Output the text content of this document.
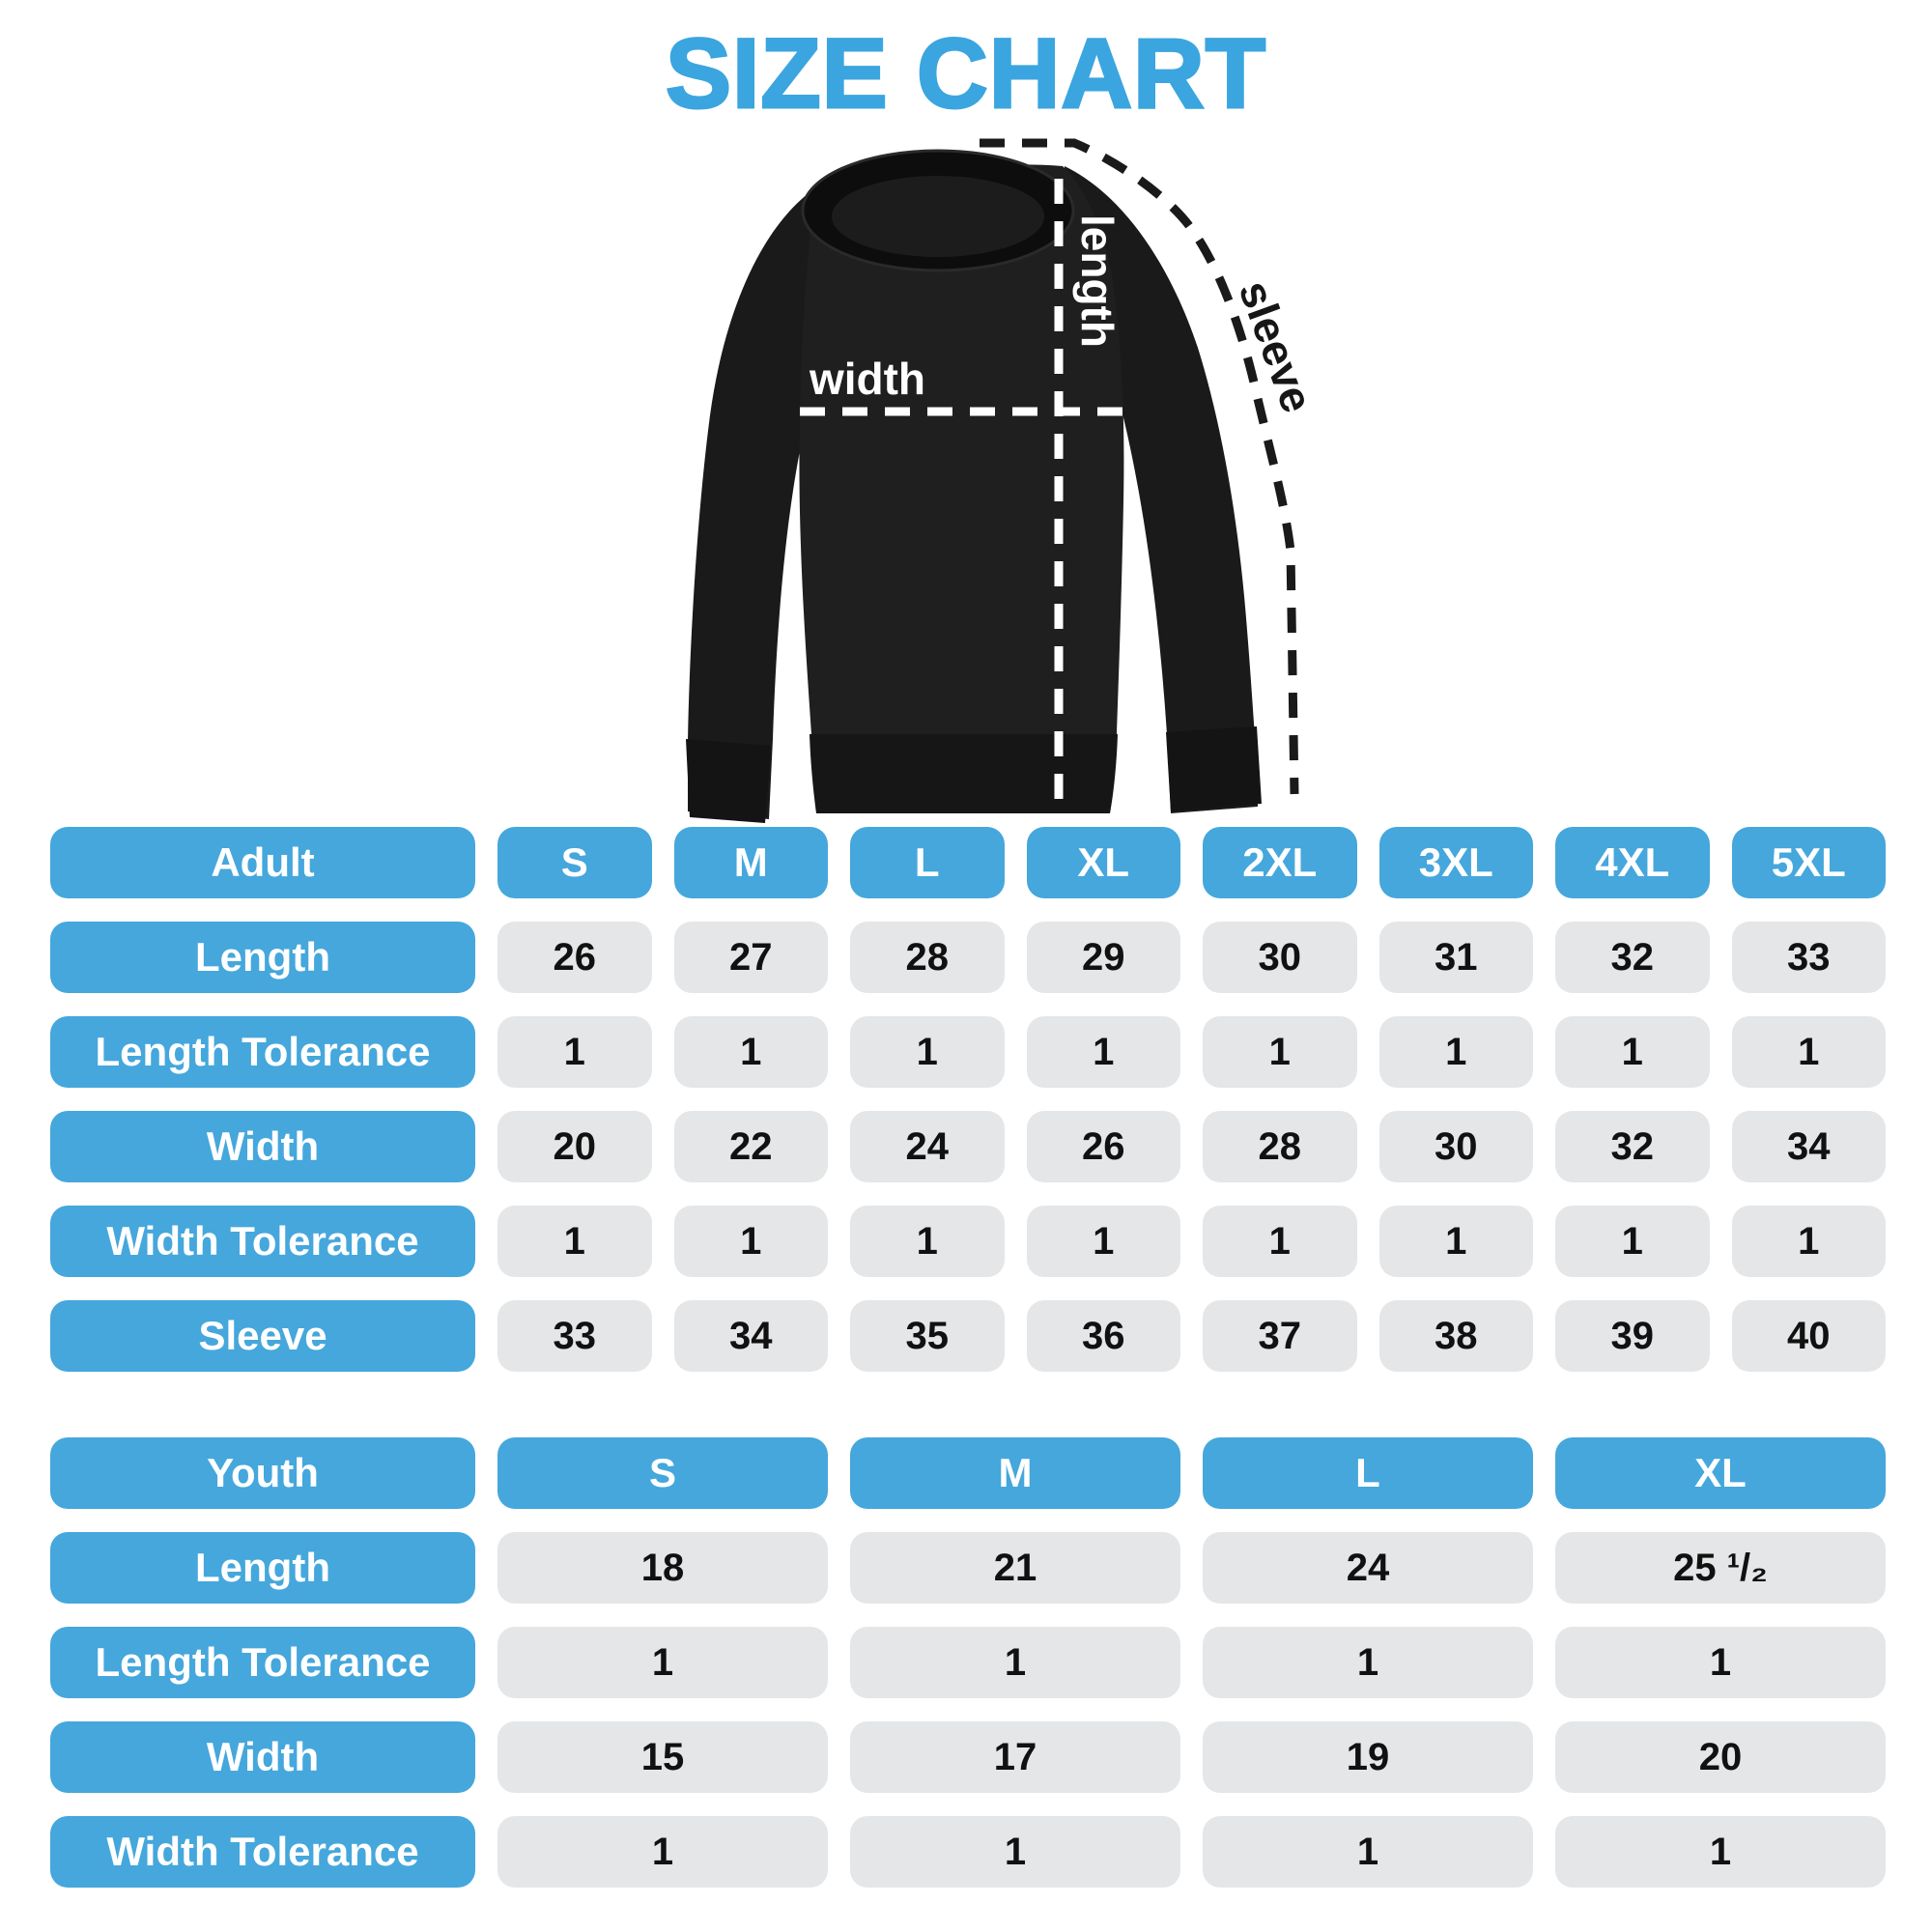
SIZE CHART
width
length sleeve
Adult	S	M	L	XL	2XL	3XL	4XL	5XL
Length	26	27	28	29	30	31	32	33
Length Tolerance	1	1	1	1	1	1	1	1
Width	20	22	24	26	28	30	32	34
Width Tolerance	1	1	1	1	1	1	1	1
Sleeve	33	34	35	36	37	38	39	40
Youth	S	M	L	XL
Length	18	21	24	25 ¹/₂
Length Tolerance	1	1	1	1
Width	15	17	19	20
Width Tolerance	1	1	1	1
